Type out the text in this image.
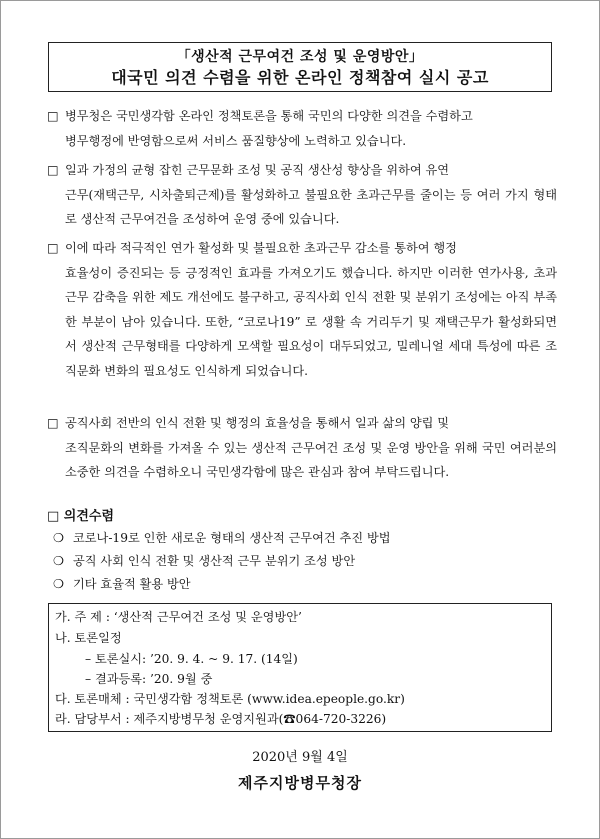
「생산적 근무여건 조성 및 운영방안」
대국민 의견 수렴을 위한 온라인 정책참여 실시 공고
□ 병무청은 국민생각함 온라인 정책토론을 통해 국민의 다양한 의견을 수렴하고
병무행정에 반영함으로써 서비스 품질향상에 노력하고 있습니다.
□ 일과 가정의 균형 잡힌 근무문화 조성 및 공직 생산성 향상을 위하여 유연
근무(재택근무, 시차출퇴근제)를 활성화하고 불필요한 초과근무를 줄이는 등 여러 가지 형태로 생산적 근무여건을 조성하여 운영 중에 있습니다.
□ 이에 따라 적극적인 연가 활성화 및 불필요한 초과근무 감소를 통하여 행정
효율성이 증진되는 등 긍정적인 효과를 가져오기도 했습니다. 하지만 이러한 연가사용, 초과근무 감축을 위한 제도 개선에도 불구하고, 공직사회 인식 전환 및 분위기 조성에는 아직 부족한 부분이 남아 있습니다. 또한, “코로나19” 로 생활 속 거리두기 및 재택근무가 활성화되면서 생산적 근무형태를 다양하게 모색할 필요성이 대두되었고, 밀레니얼 세대 특성에 따른 조직문화 변화의 필요성도 인식하게 되었습니다.
□ 공직사회 전반의 인식 전환 및 행정의 효율성을 통해서 일과 삶의 양립 및
조직문화의 변화를 가져올 수 있는 생산적 근무여건 조성 및 운영 방안을 위해 국민 여러분의 소중한 의견을 수렴하오니 국민생각함에 많은 관심과 참여 부탁드립니다.
□ 의견수렴
❍ 코로나-19로 인한 새로운 형태의 생산적 근무여건 추진 방법
❍ 공직 사회 인식 전환 및 생산적 근무 분위기 조성 방안
❍ 기타 효율적 활용 방안
가. 주 제 : ‘생산적 근무여건 조성 및 운영방안’
나. 토론일정
– 토론실시: ’20. 9. 4. ~ 9. 17. (14일)
– 결과등록: ’20. 9월 중
다. 토론매체 : 국민생각함 정책토론 (www.idea.epeople.go.kr)
라. 담당부서 : 제주지방병무청 운영지원과(☎064-720-3226)
2020년 9월 4일
제주지방병무청장
